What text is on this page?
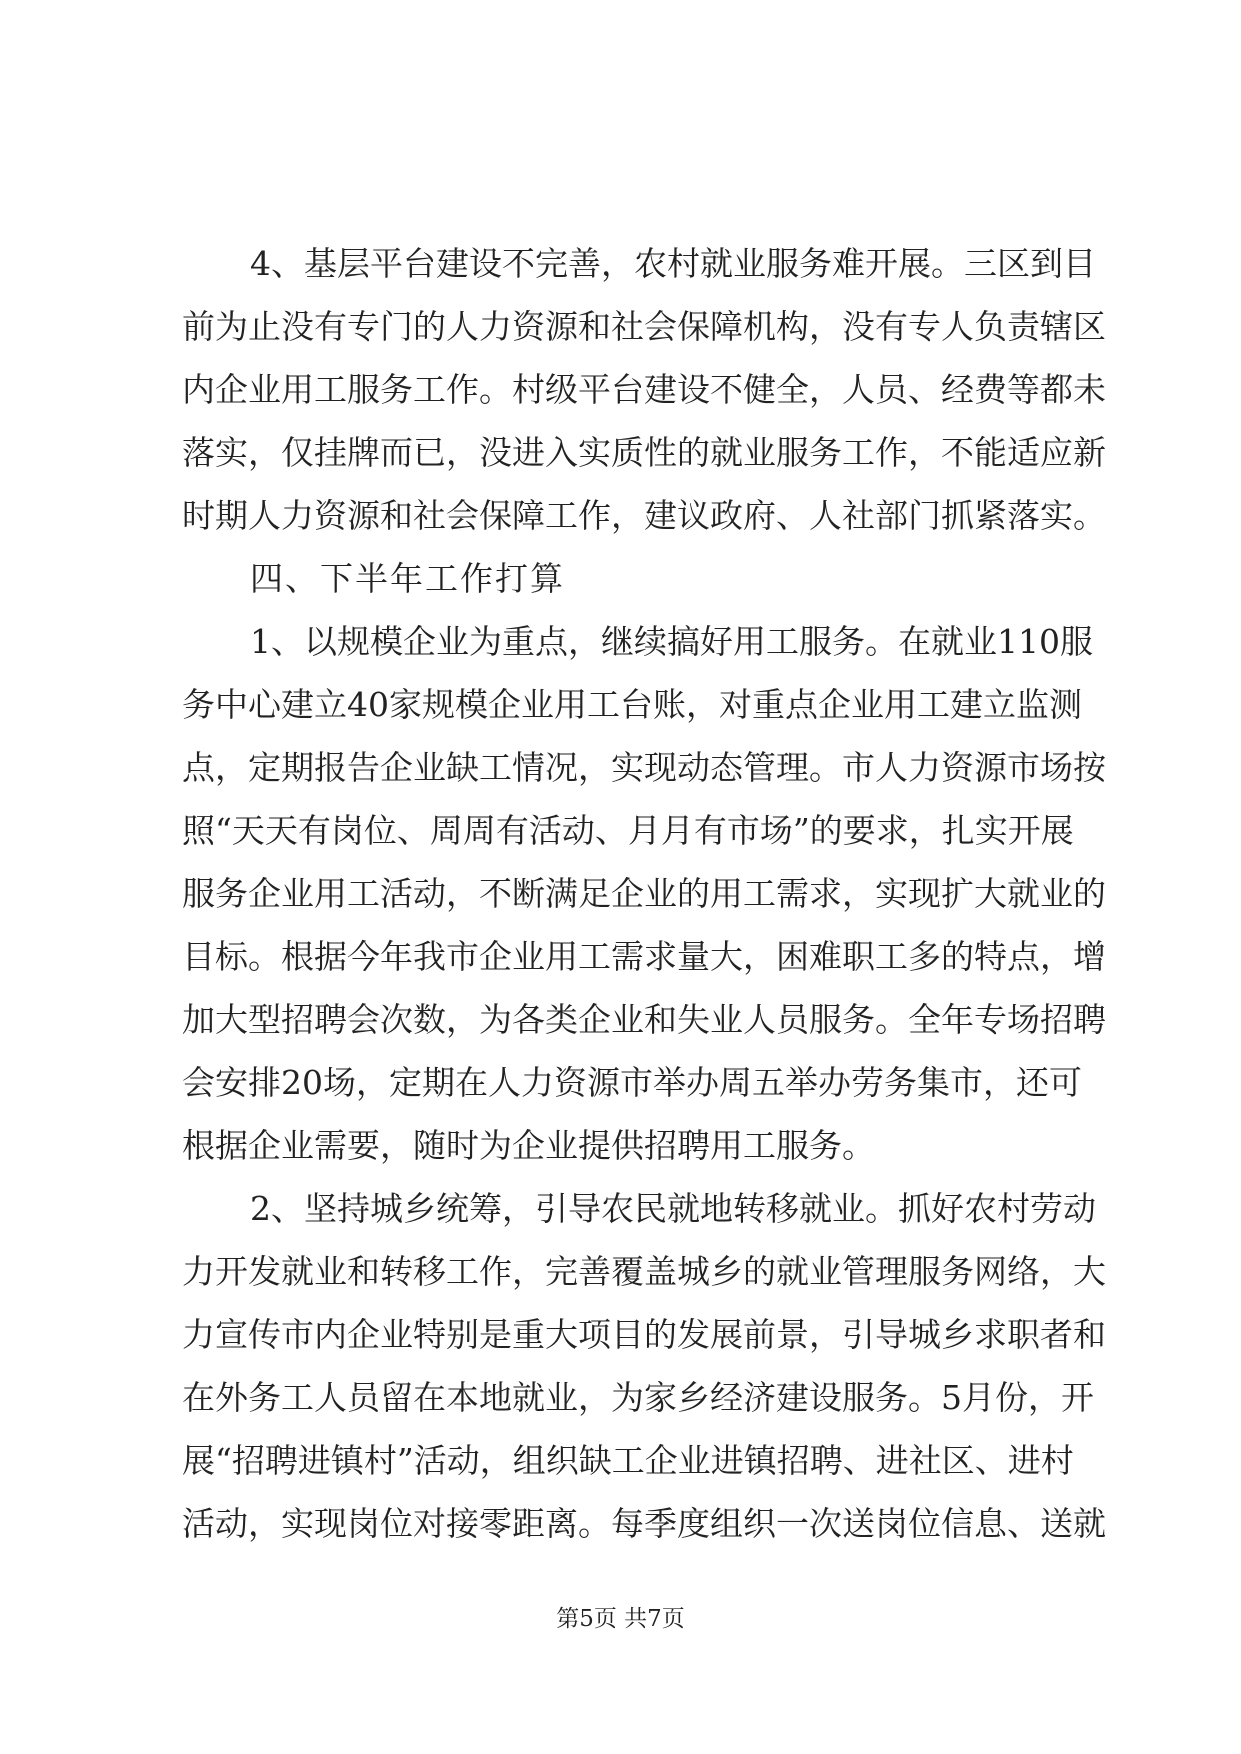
4、基层平台建设不完善，农村就业服务难开展。三区到目
前为止没有专门的人力资源和社会保障机构，没有专人负责辖区
内企业用工服务工作。村级平台建设不健全，人员、经费等都未
落实，仅挂牌而已，没进入实质性的就业服务工作，不能适应新
时期人力资源和社会保障工作，建议政府、人社部门抓紧落实。
四、下半年工作打算
1、以规模企业为重点，继续搞好用工服务。在就业110服
务中心建立40家规模企业用工台账，对重点企业用工建立监测
点，定期报告企业缺工情况，实现动态管理。市人力资源市场按
照“天天有岗位、周周有活动、月月有市场”的要求，扎实开展
服务企业用工活动，不断满足企业的用工需求，实现扩大就业的
目标。根据今年我市企业用工需求量大，困难职工多的特点，增
加大型招聘会次数，为各类企业和失业人员服务。全年专场招聘
会安排20场，定期在人力资源市举办周五举办劳务集市，还可
根据企业需要，随时为企业提供招聘用工服务。
2、坚持城乡统筹，引导农民就地转移就业。抓好农村劳动
力开发就业和转移工作，完善覆盖城乡的就业管理服务网络，大
力宣传市内企业特别是重大项目的发展前景，引导城乡求职者和
在外务工人员留在本地就业，为家乡经济建设服务。5月份，开
展“招聘进镇村”活动，组织缺工企业进镇招聘、进社区、进村
活动，实现岗位对接零距离。每季度组织一次送岗位信息、送就
第5页 共7页
